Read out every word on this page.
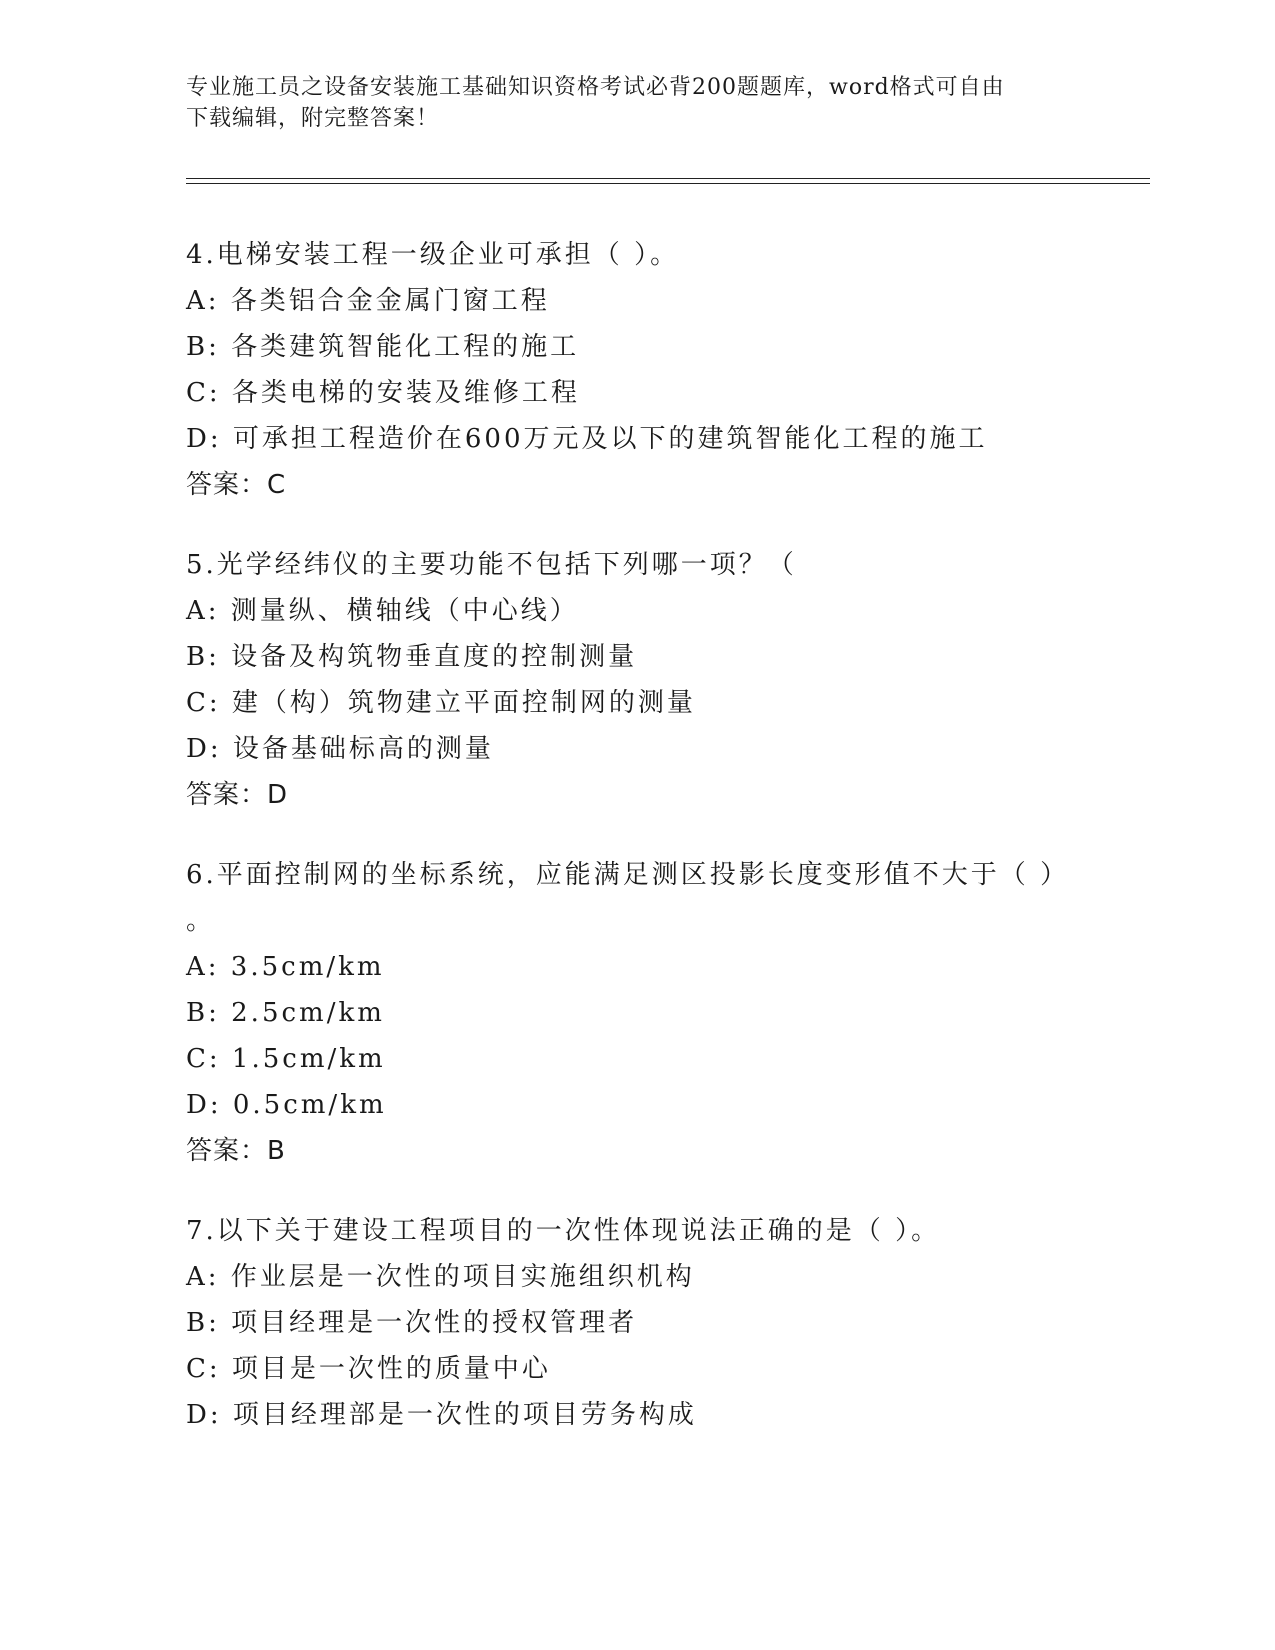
专业施工员之设备安装施工基础知识资格考试必背200题题库，word格式可自由
下载编辑，附完整答案！
4.电梯安装工程一级企业可承担（ ）。
A: 各类铝合金金属门窗工程
B: 各类建筑智能化工程的施工
C: 各类电梯的安装及维修工程
D: 可承担工程造价在600万元及以下的建筑智能化工程的施工
答案：C
5.光学经纬仪的主要功能不包括下列哪一项？（
A: 测量纵、横轴线（中心线）
B: 设备及构筑物垂直度的控制测量
C: 建（构）筑物建立平面控制网的测量
D: 设备基础标高的测量
答案：D
6.平面控制网的坐标系统，应能满足测区投影长度变形值不大于（ ）
。
A: 3.5cm/km
B: 2.5cm/km
C: 1.5cm/km
D: 0.5cm/km
答案：B
7.以下关于建设工程项目的一次性体现说法正确的是（ ）。
A: 作业层是一次性的项目实施组织机构
B: 项目经理是一次性的授权管理者
C: 项目是一次性的质量中心
D: 项目经理部是一次性的项目劳务构成
